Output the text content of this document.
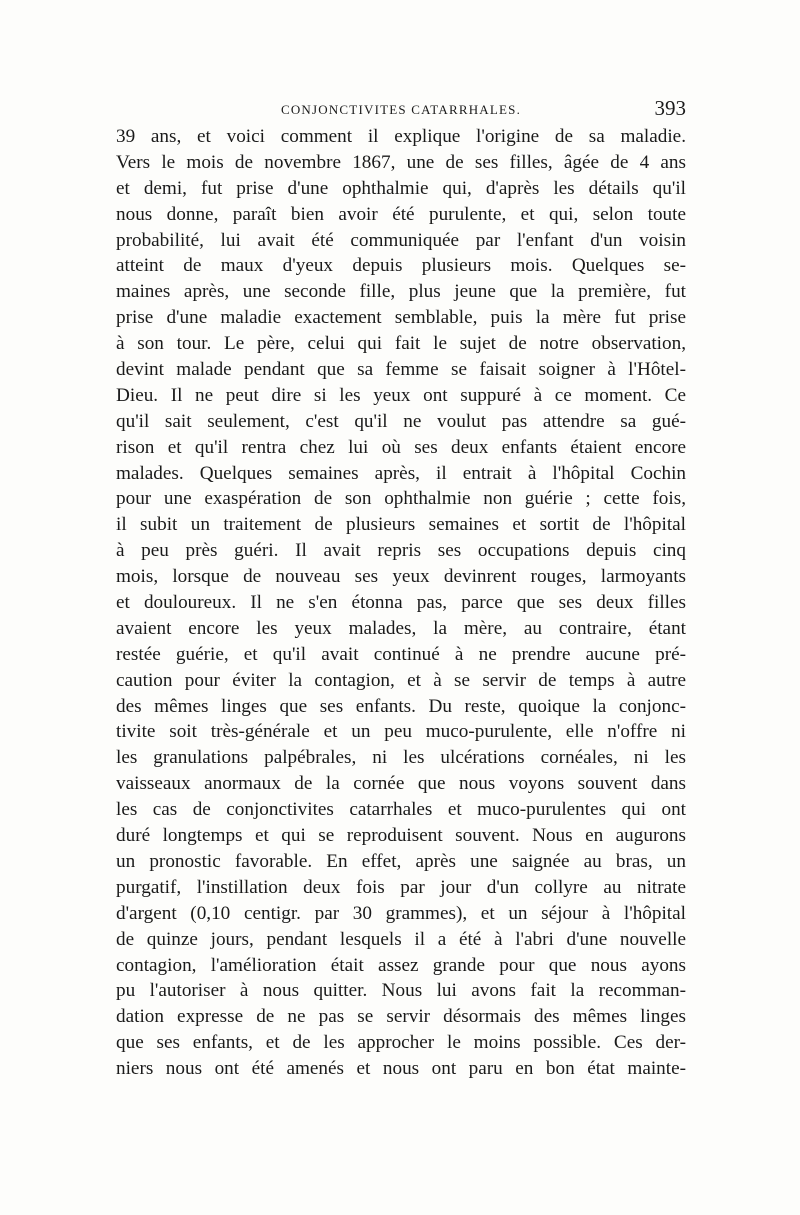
CONJONCTIVITES CATARRHALES.	393
39 ans, et voici comment il explique l'origine de sa maladie.
Vers le mois de novembre 1867, une de ses filles, âgée de 4 ans
et demi, fut prise d'une ophthalmie qui, d'après les détails qu'il
nous donne, paraît bien avoir été purulente, et qui, selon toute
probabilité, lui avait été communiquée par l'enfant d'un voisin
atteint de maux d'yeux depuis plusieurs mois. Quelques se-
maines après, une seconde fille, plus jeune que la première, fut
prise d'une maladie exactement semblable, puis la mère fut prise
à son tour. Le père, celui qui fait le sujet de notre observation,
devint malade pendant que sa femme se faisait soigner à l'Hôtel-
Dieu. Il ne peut dire si les yeux ont suppuré à ce moment. Ce
qu'il sait seulement, c'est qu'il ne voulut pas attendre sa gué-
rison et qu'il rentra chez lui où ses deux enfants étaient encore
malades. Quelques semaines après, il entrait à l'hôpital Cochin
pour une exaspération de son ophthalmie non guérie ; cette fois,
il subit un traitement de plusieurs semaines et sortit de l'hôpital
à peu près guéri. Il avait repris ses occupations depuis cinq
mois, lorsque de nouveau ses yeux devinrent rouges, larmoyants
et douloureux. Il ne s'en étonna pas, parce que ses deux filles
avaient encore les yeux malades, la mère, au contraire, étant
restée guérie, et qu'il avait continué à ne prendre aucune pré-
caution pour éviter la contagion, et à se servir de temps à autre
des mêmes linges que ses enfants. Du reste, quoique la conjonc-
tivite soit très-générale et un peu muco-purulente, elle n'offre ni
les granulations palpébrales, ni les ulcérations cornéales, ni les
vaisseaux anormaux de la cornée que nous voyons souvent dans
les cas de conjonctivites catarrhales et muco-purulentes qui ont
duré longtemps et qui se reproduisent souvent. Nous en augurons
un pronostic favorable. En effet, après une saignée au bras, un
purgatif, l'instillation deux fois par jour d'un collyre au nitrate
d'argent (0,10 centigr. par 30 grammes), et un séjour à l'hôpital
de quinze jours, pendant lesquels il a été à l'abri d'une nouvelle
contagion, l'amélioration était assez grande pour que nous ayons
pu l'autoriser à nous quitter. Nous lui avons fait la recomman-
dation expresse de ne pas se servir désormais des mêmes linges
que ses enfants, et de les approcher le moins possible. Ces der-
niers nous ont été amenés et nous ont paru en bon état mainte-
